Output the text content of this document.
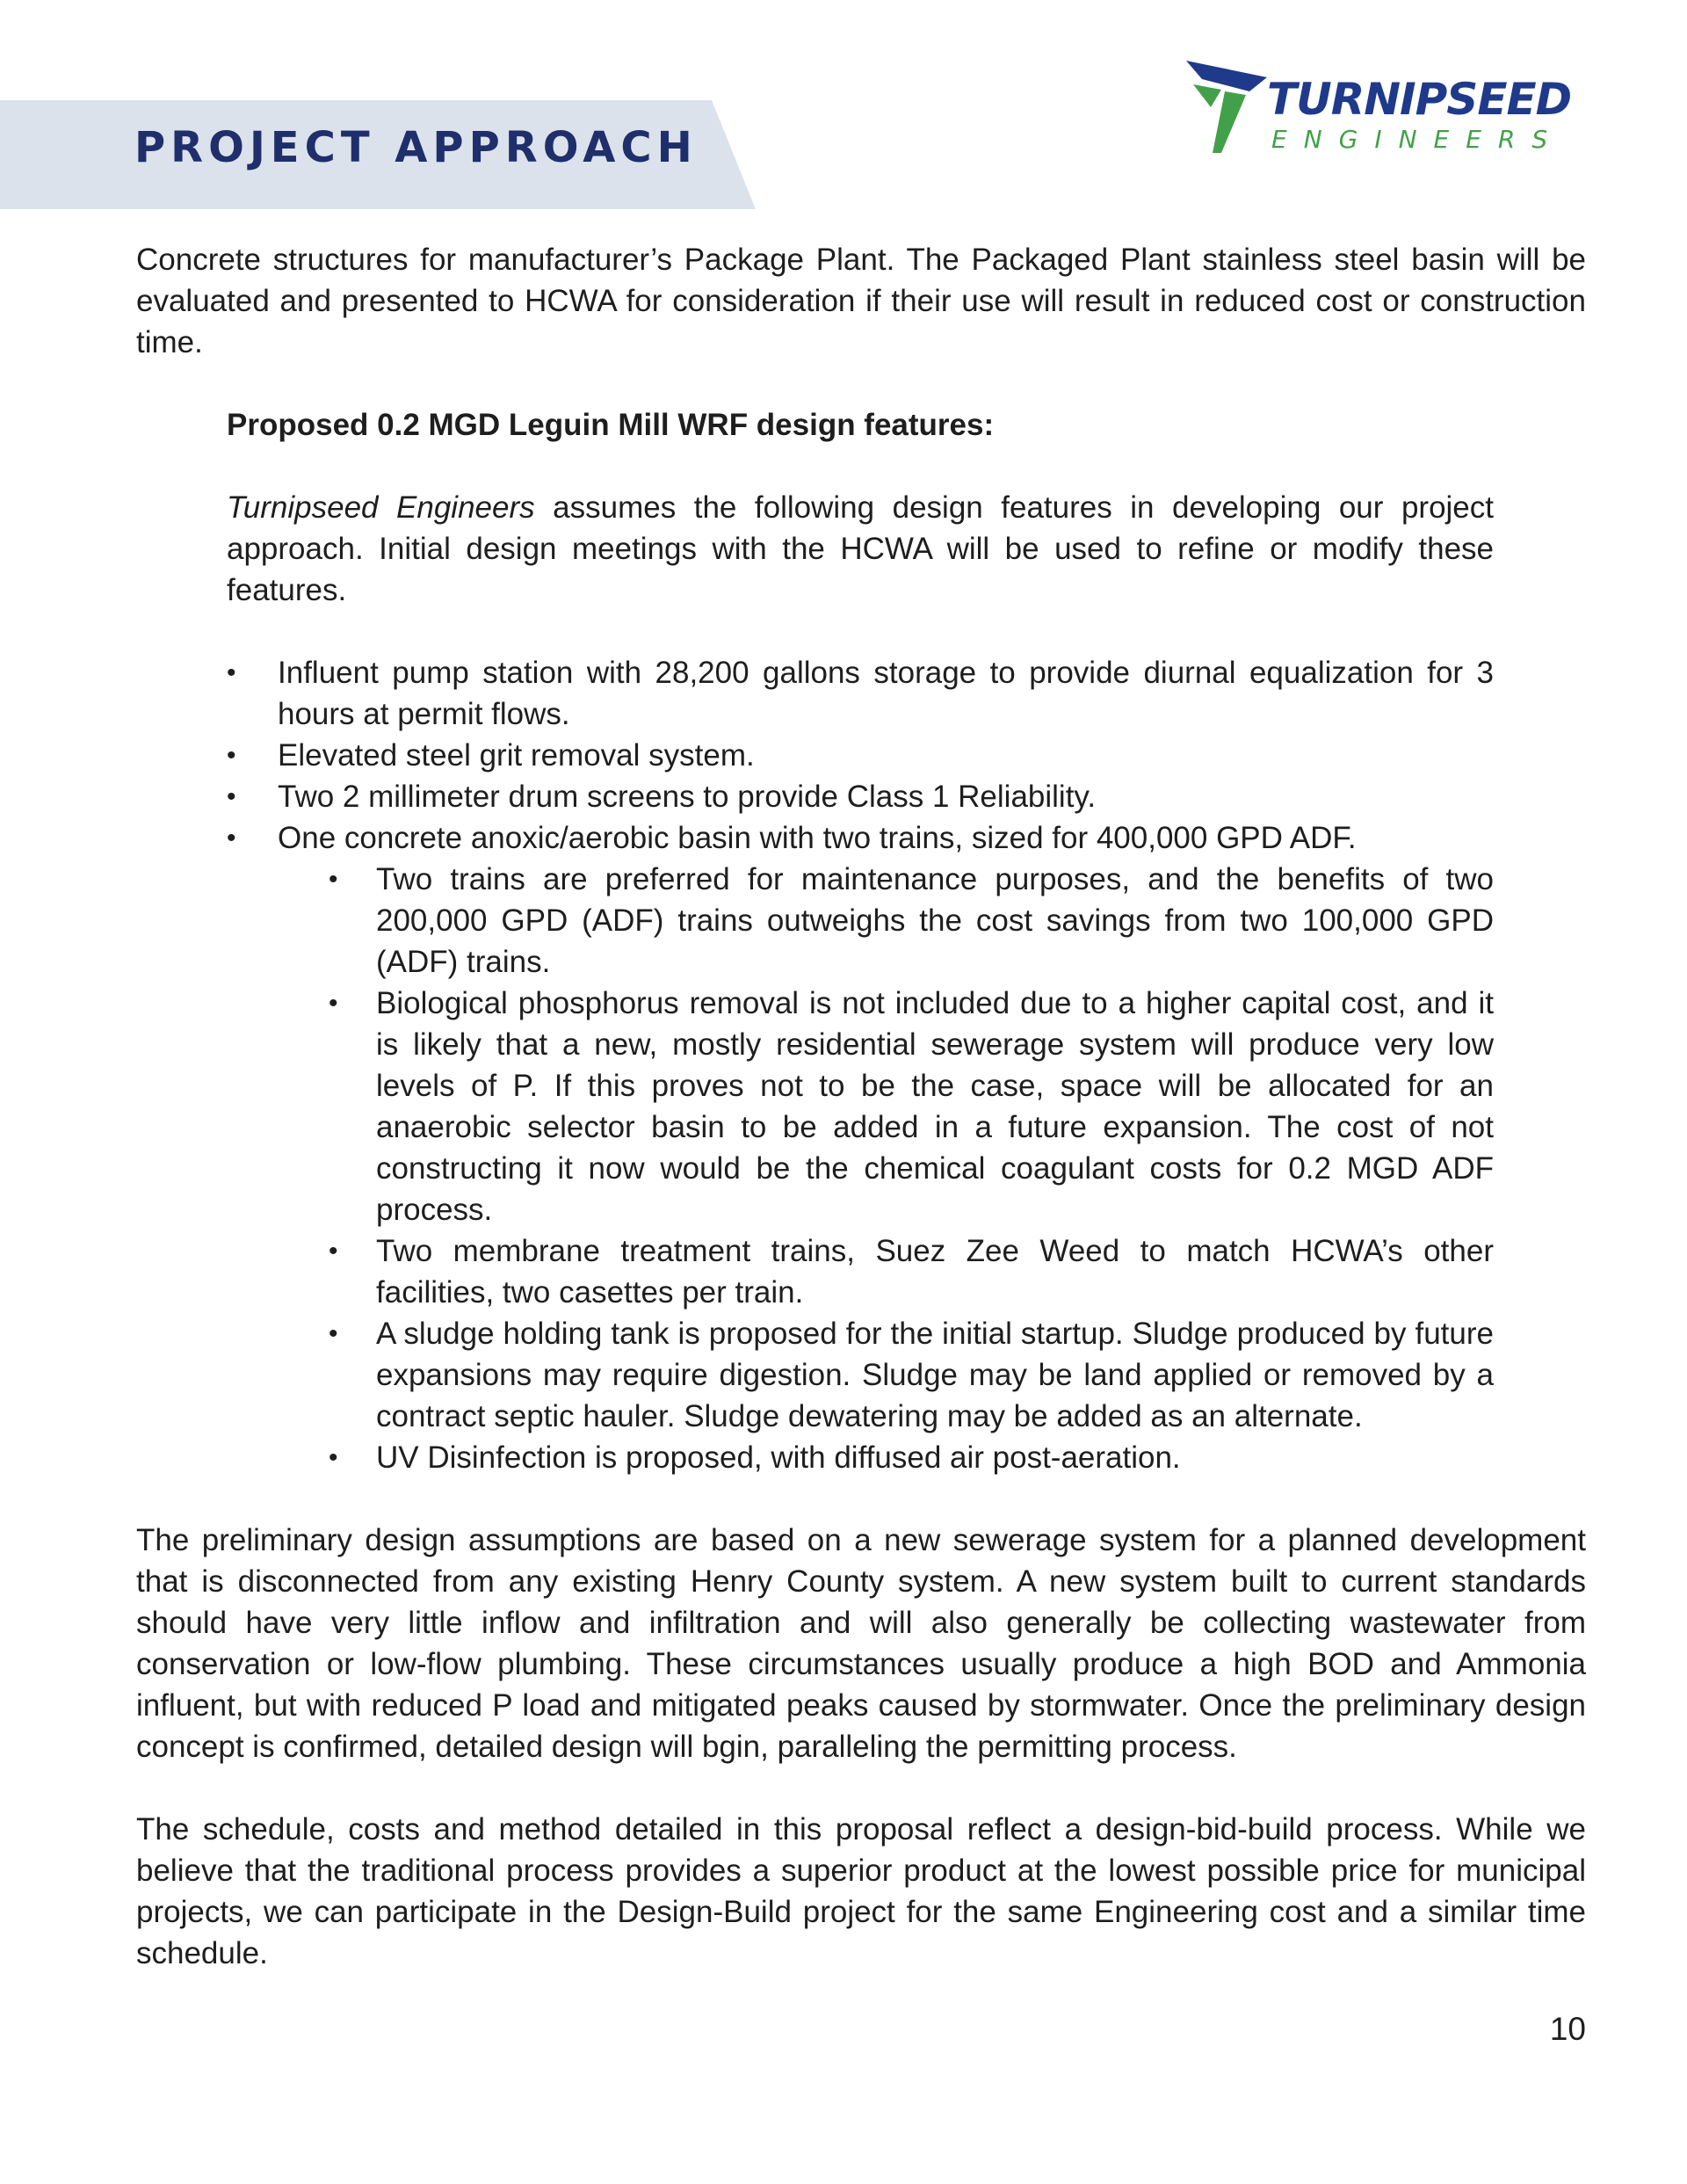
PROJECT APPROACH
TURNIPSEED
ENGINEERS

Concrete structures for manufacturer’s Package Plant. The Packaged Plant stainless steel basin will be evaluated and presented to HCWA for consideration if their use will result in reduced cost or construction time.

Proposed 0.2 MGD Leguin Mill WRF design features:

Turnipseed Engineers assumes the following design features in developing our project approach. Initial design meetings with the HCWA will be used to refine or modify these features.

• Influent pump station with 28,200 gallons storage to provide diurnal equalization for 3 hours at permit flows.
• Elevated steel grit removal system.
• Two 2 millimeter drum screens to provide Class 1 Reliability.
• One concrete anoxic/aerobic basin with two trains, sized for 400,000 GPD ADF.
• Two trains are preferred for maintenance purposes, and the benefits of two 200,000 GPD (ADF) trains outweighs the cost savings from two 100,000 GPD (ADF) trains.
• Biological phosphorus removal is not included due to a higher capital cost, and it is likely that a new, mostly residential sewerage system will produce very low levels of P. If this proves not to be the case, space will be allocated for an anaerobic selector basin to be added in a future expansion. The cost of not constructing it now would be the chemical coagulant costs for 0.2 MGD ADF process.
• Two membrane treatment trains, Suez Zee Weed to match HCWA’s other facilities, two casettes per train.
• A sludge holding tank is proposed for the initial startup. Sludge produced by future expansions may require digestion. Sludge may be land applied or removed by a contract septic hauler. Sludge dewatering may be added as an alternate.
• UV Disinfection is proposed, with diffused air post-aeration.

The preliminary design assumptions are based on a new sewerage system for a planned development that is disconnected from any existing Henry County system. A new system built to current standards should have very little inflow and infiltration and will also generally be collecting wastewater from conservation or low-flow plumbing. These circumstances usually produce a high BOD and Ammonia influent, but with reduced P load and mitigated peaks caused by stormwater. Once the preliminary design concept is confirmed, detailed design will bgin, paralleling the permitting process.

The schedule, costs and method detailed in this proposal reflect a design-bid-build process. While we believe that the traditional process provides a superior product at the lowest possible price for municipal projects, we can participate in the Design-Build project for the same Engineering cost and a similar time schedule.

10
